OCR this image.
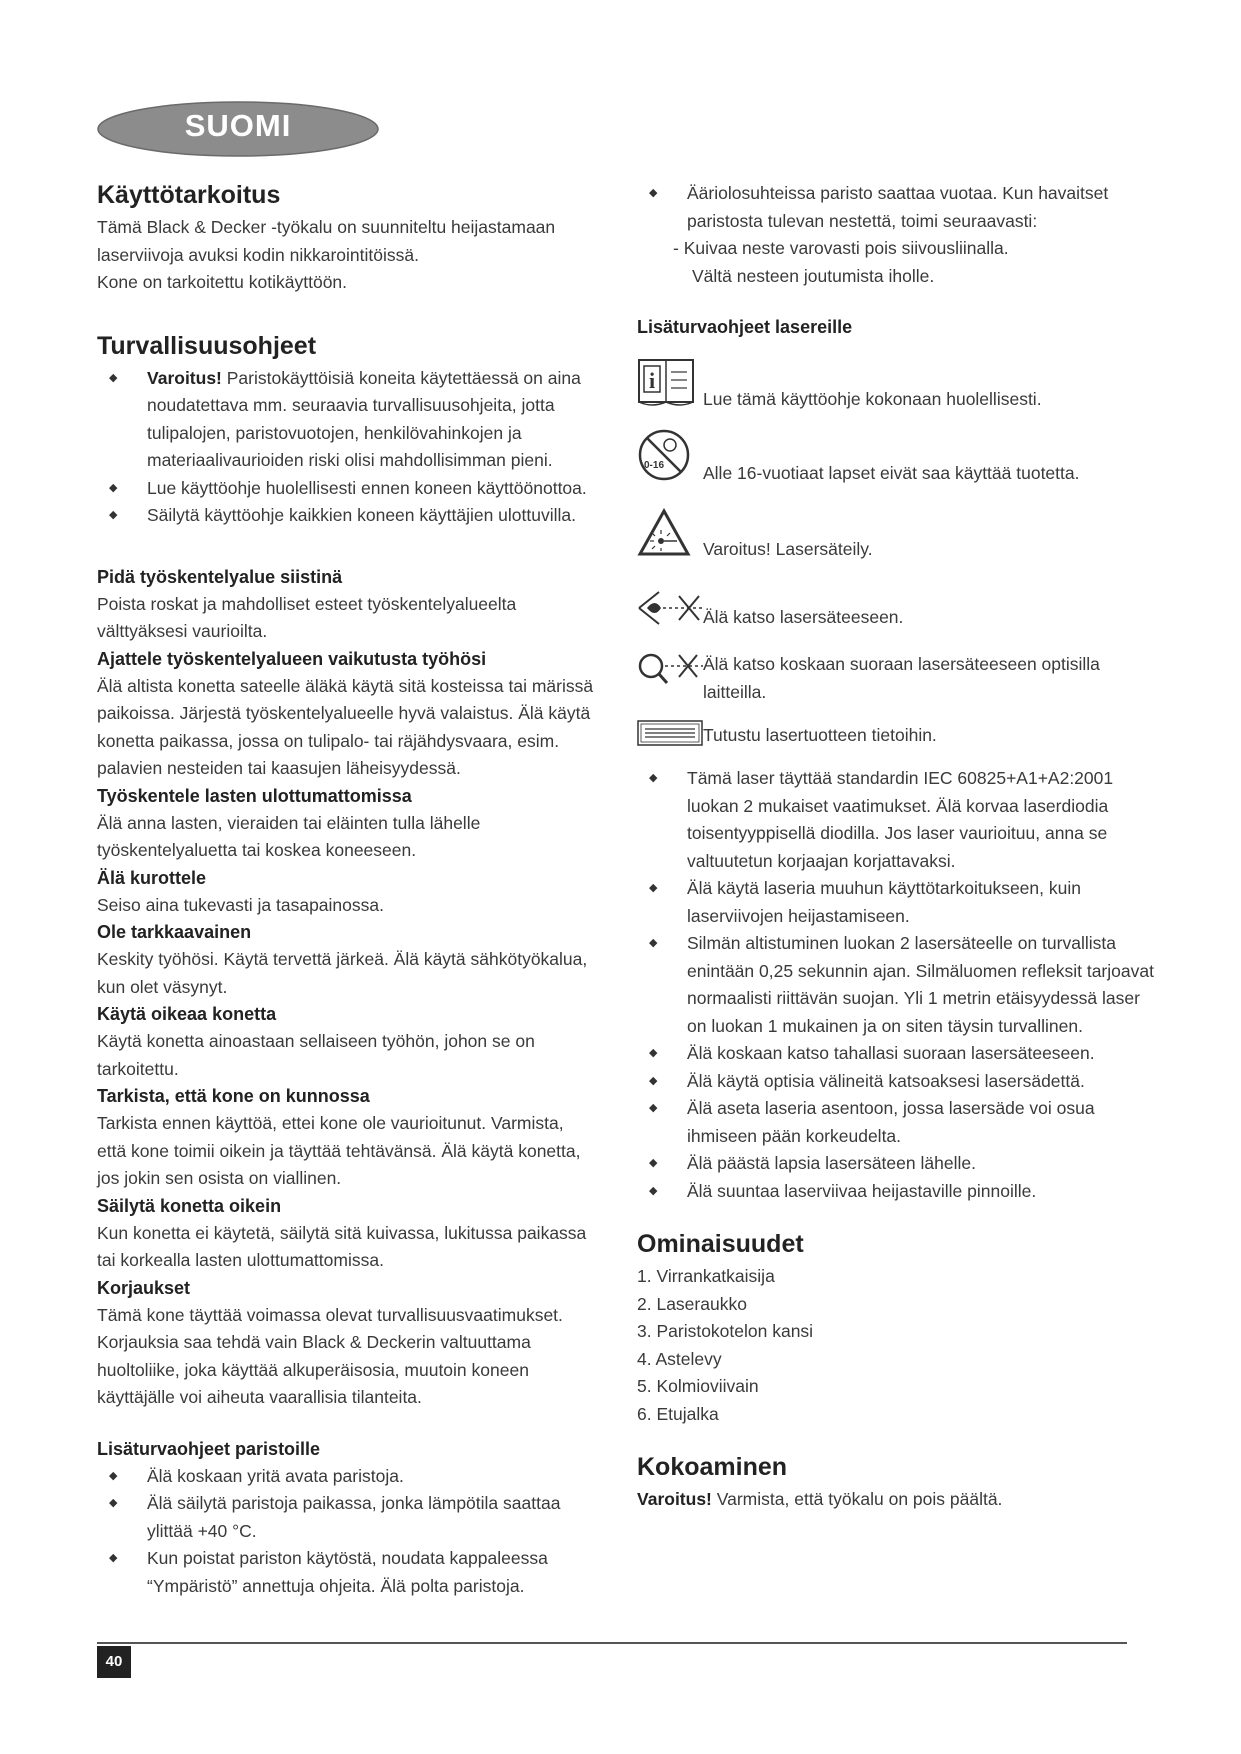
SUOMI
Käyttötarkoitus

Tämä Black & Decker -työkalu on suunniteltu heijastamaan laserviivoja avuksi kodin nikkarointitöissä.

Kone on tarkoitettu kotikäyttöön.

Turvallisuusohjeet
◆ Varoitus! Paristokäyttöisiä koneita käytettäessä on aina noudatettava mm. seuraavia turvallisuusohjeita, jotta tulipalojen, paristovuotojen, henkilövahinkojen ja materiaalivaurioiden riski olisi mahdollisimman pieni.
◆ Lue käyttöohje huolellisesti ennen koneen käyttöönottoa.
◆ Säilytä käyttöohje kaikkien koneen käyttäjien ulottuvilla.
Pidä työskentelyalue siistinä

Poista roskat ja mahdolliset esteet työskentelyalueelta välttyäksesi vaurioilta.

Ajattele työskentelyalueen vaikutusta työhösi

Älä altista konetta sateelle äläkä käytä sitä kosteissa tai märissä paikoissa. Järjestä työskentelyalueelle hyvä valaistus. Älä käytä konetta paikassa, jossa on tulipalo- tai räjähdysvaara, esim. palavien nesteiden tai kaasujen läheisyydessä.

Työskentele lasten ulottumattomissa

Älä anna lasten, vieraiden tai eläinten tulla lähelle työskentelyaluetta tai koskea koneeseen.

Älä kurottele

Seiso aina tukevasti ja tasapainossa.

Ole tarkkaavainen

Keskity työhösi. Käytä tervettä järkeä. Älä käytä sähkötyökalua, kun olet väsynyt.

Käytä oikeaa konetta

Käytä konetta ainoastaan sellaiseen työhön, johon se on tarkoitettu.

Tarkista, että kone on kunnossa

Tarkista ennen käyttöä, ettei kone ole vaurioitunut. Varmista, että kone toimii oikein ja täyttää tehtävänsä. Älä käytä konetta, jos jokin sen osista on viallinen.

Säilytä konetta oikein

Kun konetta ei käytetä, säilytä sitä kuivassa, lukitussa paikassa tai korkealla lasten ulottumattomissa.

Korjaukset

Tämä kone täyttää voimassa olevat turvallisuusvaatimukset. Korjauksia saa tehdä vain Black & Deckerin valtuuttama huoltoliike, joka käyttää alkuperäisosia, muutoin koneen käyttäjälle voi aiheuta vaarallisia tilanteita.

Lisäturvaohjeet paristoille
◆ Älä koskaan yritä avata paristoja.
◆ Älä säilytä paristoja paikassa, jonka lämpötila saattaa ylittää +40 °C.
◆ Kun poistat pariston käytöstä, noudata kappaleessa “Ympäristö” annettuja ohjeita. Älä polta paristoja.
◆ Ääriolosuhteissa paristo saattaa vuotaa. Kun havaitset paristosta tulevan nestettä, toimi seuraavasti:

- Kuivaa neste varovasti pois siivousliinalla.

Vältä nesteen joutumista iholle.

Lisäturvaohjeet lasereille
i

Lue tämä käyttöohje kokonaan huolellisesti.

0-16 Alle 16-vuotiaat lapset eivät saa käyttää tuotetta.

Varoitus! Lasersäteily.

Älä katso lasersäteeseen.

Älä katso koskaan suoraan lasersäteeseen optisilla laitteilla.

Tutustu lasertuotteen tietoihin.

◆ Tämä laser täyttää standardin IEC 60825+A1+A2:2001 luokan 2 mukaiset vaatimukset. Älä korvaa laserdiodia toisentyyppisellä diodilla. Jos laser vaurioituu, anna se valtuutetun korjaajan korjattavaksi.
◆ Älä käytä laseria muuhun käyttötarkoitukseen, kuin laserviivojen heijastamiseen.
◆ Silmän altistuminen luokan 2 lasersäteelle on turvallista enintään 0,25 sekunnin ajan. Silmäluomen refleksit tarjoavat normaalisti riittävän suojan. Yli 1 metrin etäisyydessä laser on luokan 1 mukainen ja on siten täysin turvallinen.
◆ Älä koskaan katso tahallasi suoraan lasersäteeseen.
◆ Älä käytä optisia välineitä katsoaksesi lasersädettä.
◆ Älä aseta laseria asentoon, jossa lasersäde voi osua ihmiseen pään korkeudelta.
◆ Älä päästä lapsia lasersäteen lähelle.
◆ Älä suuntaa laserviivaa heijastaville pinnoille.
Ominaisuudet
1. Virrankatkaisija
2. Laseraukko
3. Paristokotelon kansi
4. Astelevy
5. Kolmioviivain
6. Etujalka
Kokoaminen

Varoitus! Varmista, että työkalu on pois päältä.

40
